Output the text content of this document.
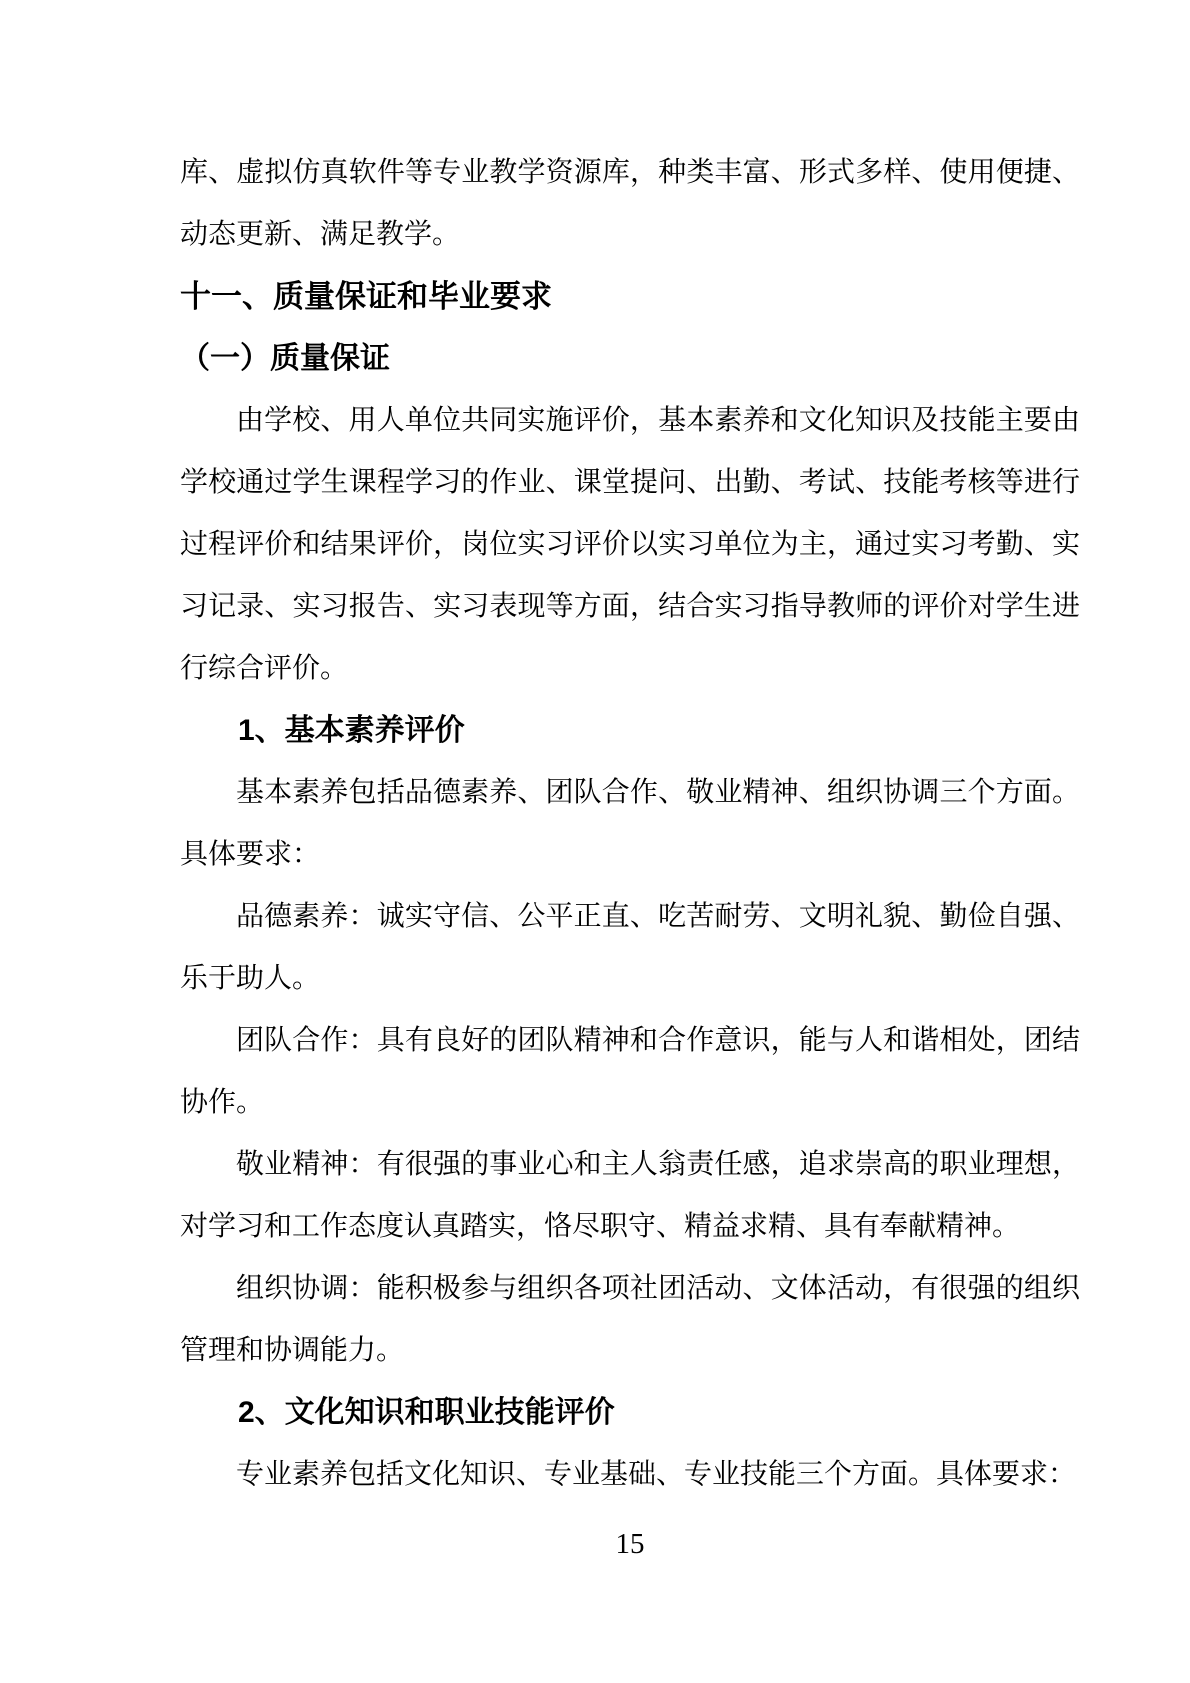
库、虚拟仿真软件等专业教学资源库，种类丰富、形式多样、使用便捷、动态更新、满足教学。

十一、质量保证和毕业要求
（一）质量保证

由学校、用人单位共同实施评价，基本素养和文化知识及技能主要由学校通过学生课程学习的作业、课堂提问、出勤、考试、技能考核等进行过程评价和结果评价，岗位实习评价以实习单位为主，通过实习考勤、实习记录、实习报告、实习表现等方面，结合实习指导教师的评价对学生进行综合评价。

1、基本素养评价

基本素养包括品德素养、团队合作、敬业精神、组织协调三个方面。具体要求：

品德素养：诚实守信、公平正直、吃苦耐劳、文明礼貌、勤俭自强、乐于助人。

团队合作：具有良好的团队精神和合作意识，能与人和谐相处，团结协作。

敬业精神：有很强的事业心和主人翁责任感，追求崇高的职业理想，对学习和工作态度认真踏实，恪尽职守、精益求精、具有奉献精神。

组织协调：能积极参与组织各项社团活动、文体活动，有很强的组织管理和协调能力。

2、文化知识和职业技能评价

专业素养包括文化知识、专业基础、专业技能三个方面。具体要求：

15
